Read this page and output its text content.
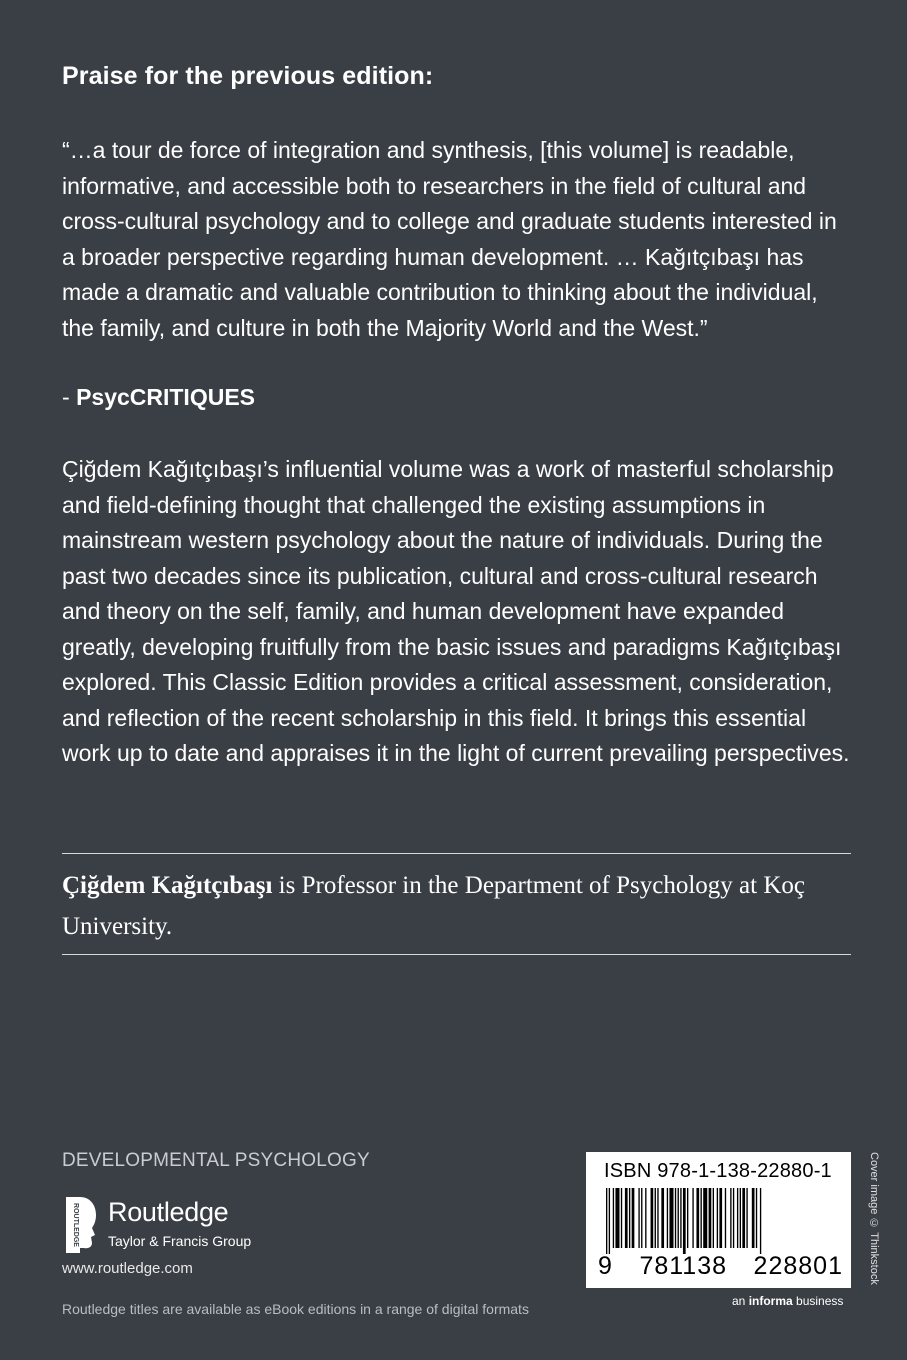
Praise for the previous edition:
“…a tour de force of integration and synthesis, [this volume] is readable, informative, and accessible both to researchers in the field of cultural and cross-cultural psychology and to college and graduate students interested in a broader perspective regarding human development. … Kağıtçıbaşı has made a dramatic and valuable contribution to thinking about the individual, the family, and culture in both the Majority World and the West.”
- PsycCRITIQUES
Çiğdem Kağıtçıbaşı’s influential volume was a work of masterful scholarship and field-defining thought that challenged the existing assumptions in mainstream western psychology about the nature of individuals. During the past two decades since its publication, cultural and cross-cultural research and theory on the self, family, and human development have expanded greatly, developing fruitfully from the basic issues and paradigms Kağıtçıbaşı explored. This Classic Edition provides a critical assessment, consideration, and reflection of the recent scholarship in this field. It brings this essential work up to date and appraises it in the light of current prevailing perspectives.
Çiğdem Kağıtçıbaşı is Professor in the Department of Psychology at Koç University.
DEVELOPMENTAL PSYCHOLOGY
ROUTLEDGE Routledge
Taylor & Francis Group
www.routledge.com
Routledge titles are available as eBook editions in a range of digital formats
ISBN 978-1-138-22880-1
9 781138 228801 Cover image © Thinkstock
an informa business
